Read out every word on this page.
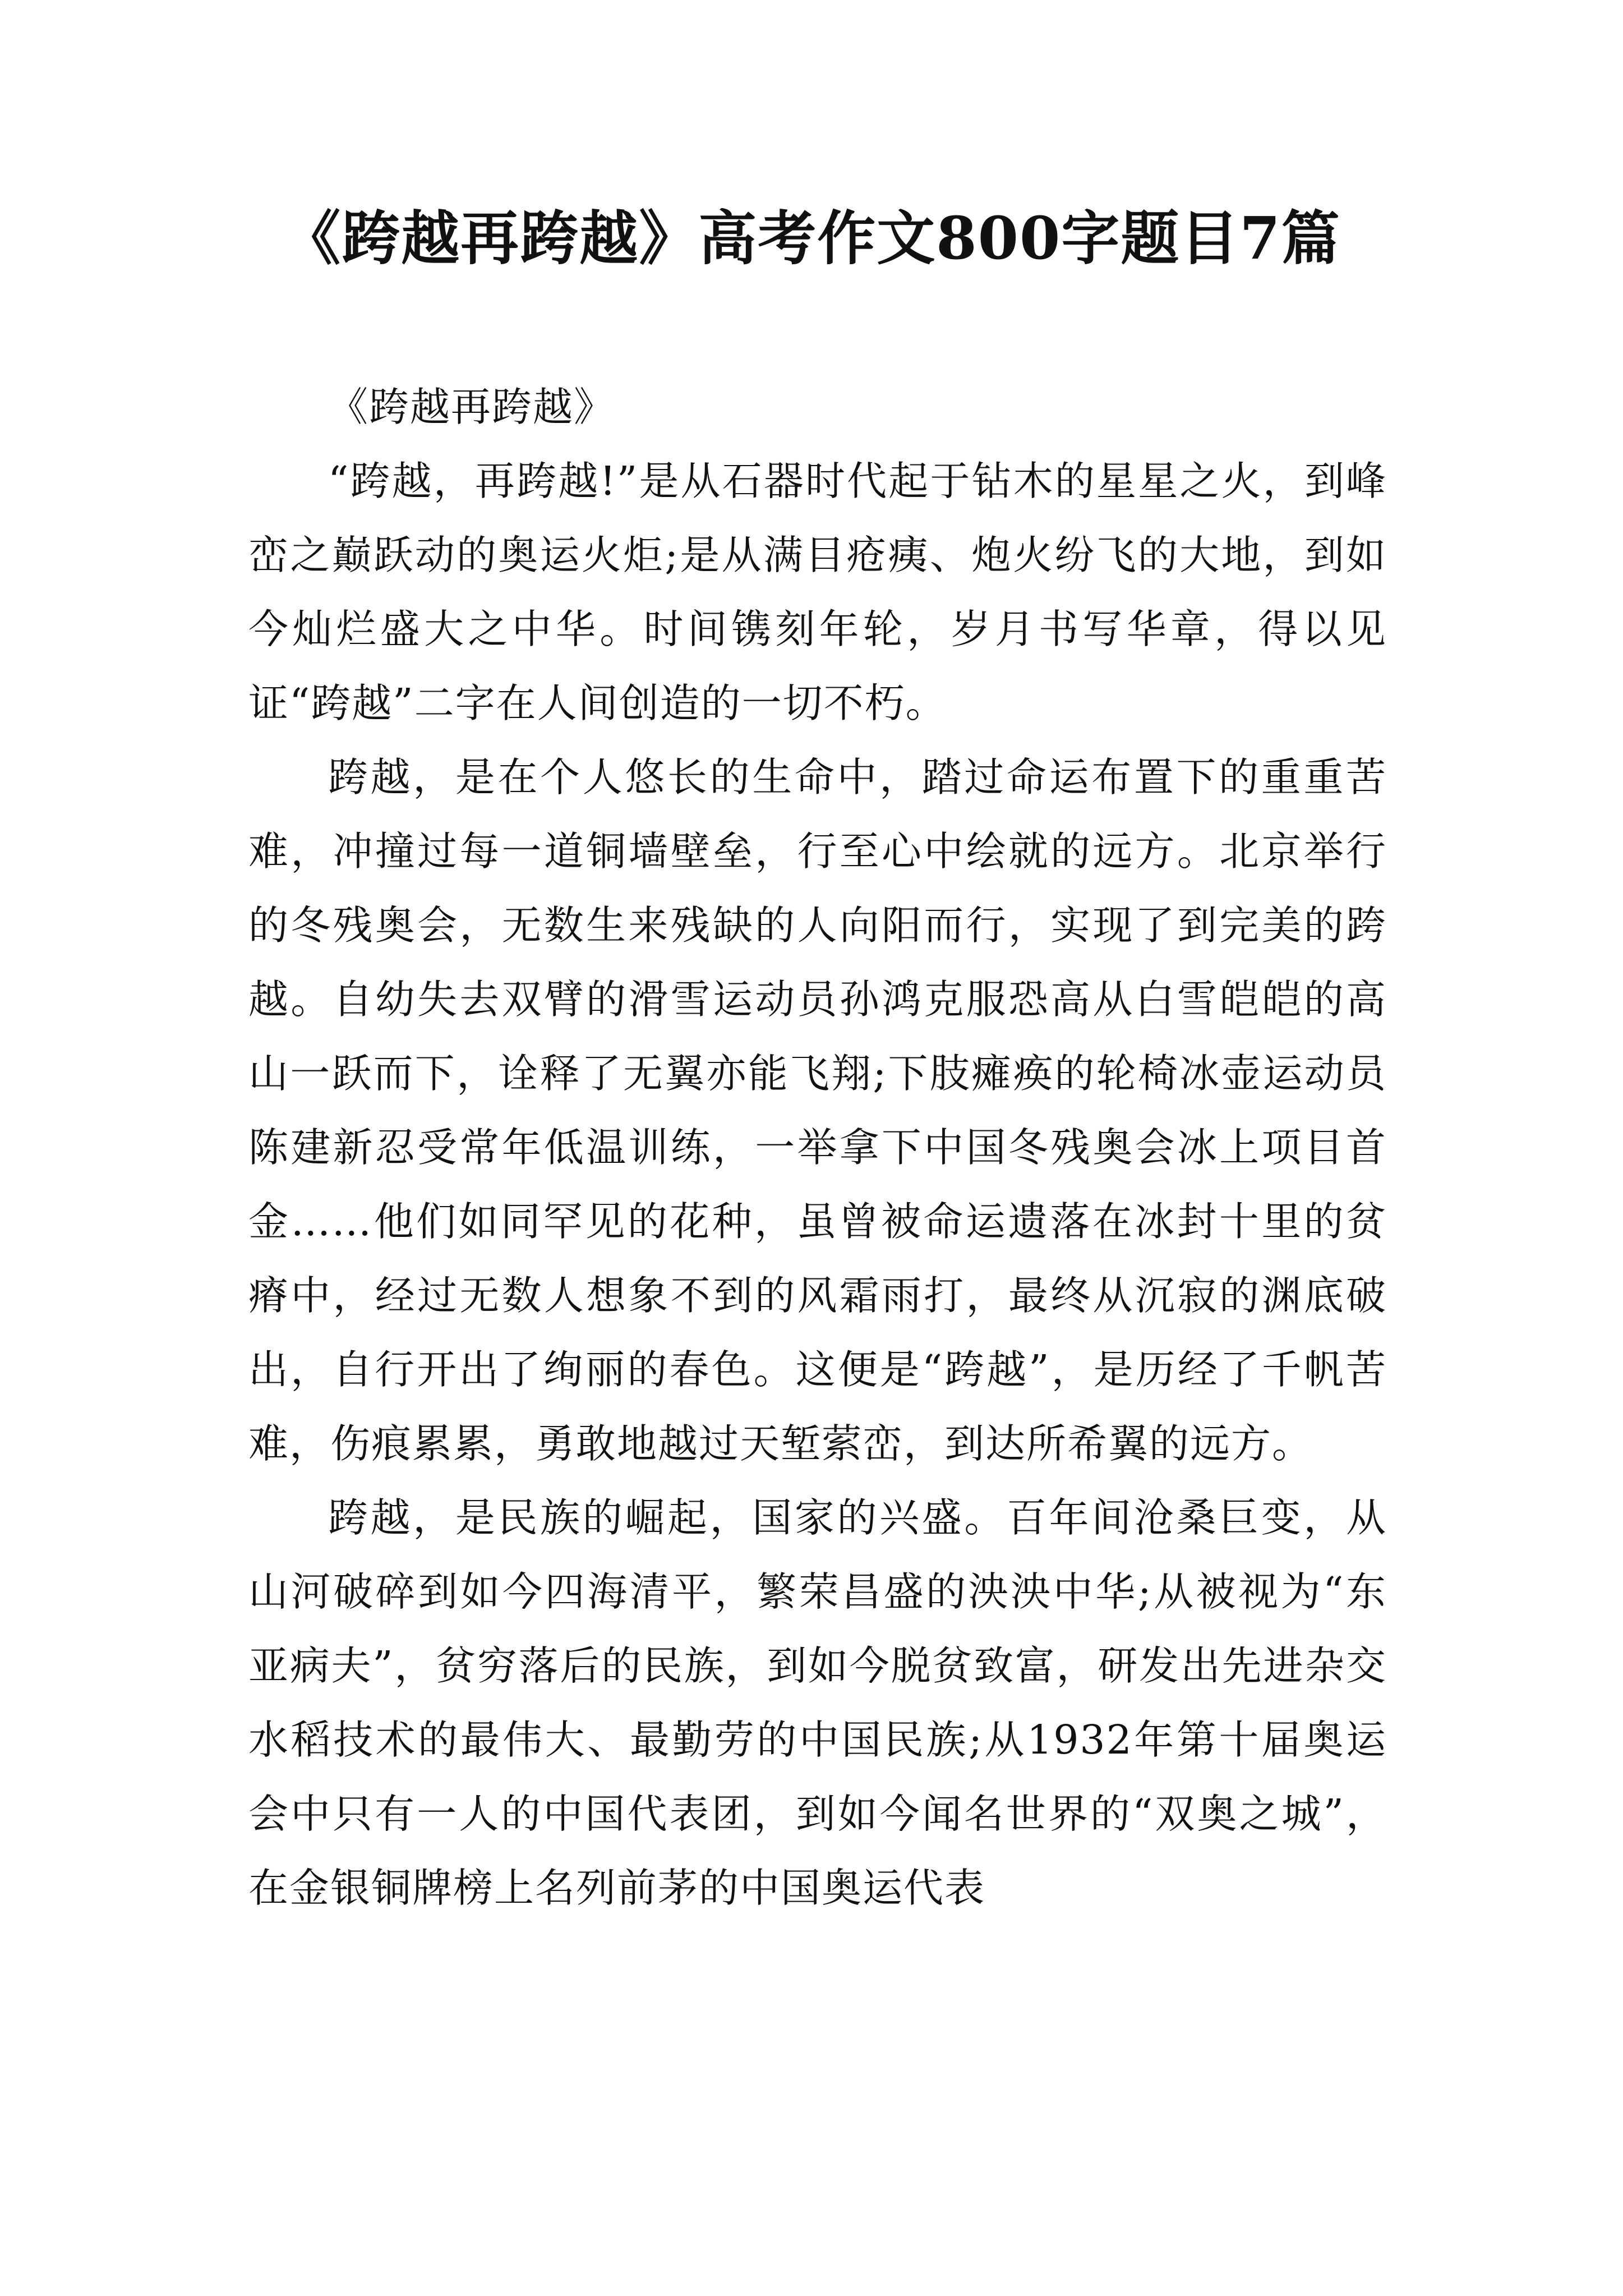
《跨越再跨越》高考作文800字题目7篇

《跨越再跨越》

“跨越，再跨越!”是从石器时代起于钻木的星星之火，到峰峦之巅跃动的奥运火炬;是从满目疮痍、炮火纷飞的大地，到如今灿烂盛大之中华。时间镌刻年轮，岁月书写华章，得以见证“跨越”二字在人间创造的一切不朽。

跨越，是在个人悠长的生命中，踏过命运布置下的重重苦难，冲撞过每一道铜墙壁垒，行至心中绘就的远方。北京举行的冬残奥会，无数生来残缺的人向阳而行，实现了到完美的跨越。自幼失去双臂的滑雪运动员孙鸿克服恐高从白雪皑皑的高山一跃而下，诠释了无翼亦能飞翔;下肢瘫痪的轮椅冰壶运动员陈建新忍受常年低温训练，一举拿下中国冬残奥会冰上项目首金……他们如同罕见的花种，虽曾被命运遗落在冰封十里的贫瘠中，经过无数人想象不到的风霜雨打，最终从沉寂的渊底破出，自行开出了绚丽的春色。这便是“跨越”，是历经了千帆苦难，伤痕累累，勇敢地越过天堑萦峦，到达所希翼的远方。

跨越，是民族的崛起，国家的兴盛。百年间沧桑巨变，从山河破碎到如今四海清平，繁荣昌盛的泱泱中华;从被视为“东亚病夫”，贫穷落后的民族，到如今脱贫致富，研发出先进杂交水稻技术的最伟大、最勤劳的中国民族;从1932年第十届奥运会中只有一人的中国代表团，到如今闻名世界的“双奥之城”，在金银铜牌榜上名列前茅的中国奥运代表
